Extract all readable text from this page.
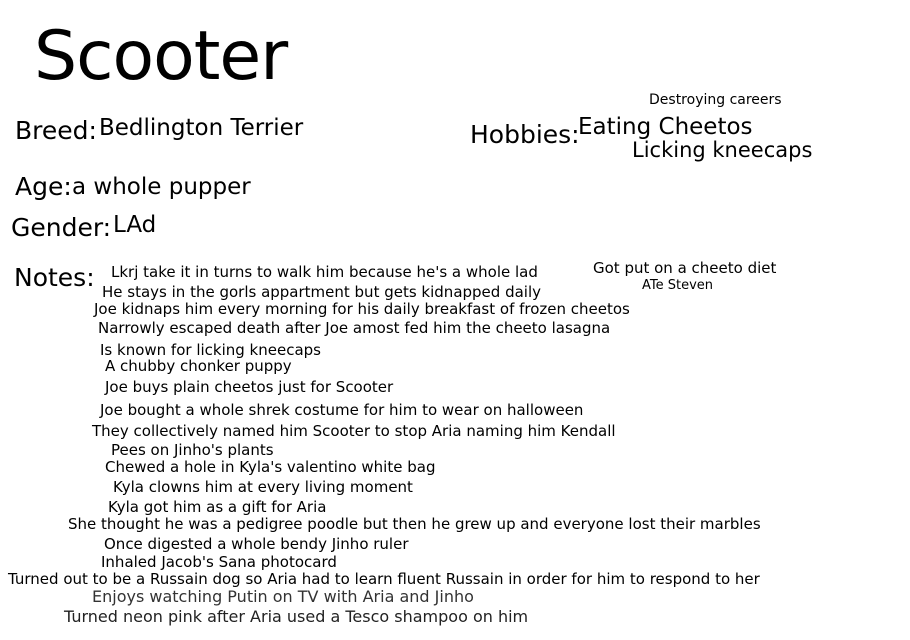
Scooter
Breed: Bedlington Terrier	Hobbies:
Destroying careers
Eating Cheetos
Licking kneecaps
Age: a whole pupper
Gender: LAd
Notes:	Got put on a cheeto diet
ATe Steven
Lkrj take it in turns to walk him because he's a whole lad
He stays in the gorls appartment but gets kidnapped daily
Joe kidnaps him every morning for his daily breakfast of frozen cheetos
Narrowly escaped death after Joe amost fed him the cheeto lasagna
Is known for licking kneecaps
A chubby chonker puppy
Joe buys plain cheetos just for Scooter
Joe bought a whole shrek costume for him to wear on halloween
They collectively named him Scooter to stop Aria naming him Kendall
Pees on Jinho's plants
Chewed a hole in Kyla's valentino white bag
Kyla clowns him at every living moment
Kyla got him as a gift for Aria
She thought he was a pedigree poodle but then he grew up and everyone lost their marbles
Once digested a whole bendy Jinho ruler
Inhaled Jacob's Sana photocard
Turned out to be a Russain dog so Aria had to learn fluent Russain in order for him to respond to her
Enjoys watching Putin on TV with Aria and Jinho
Turned neon pink after Aria used a Tesco shampoo on him
